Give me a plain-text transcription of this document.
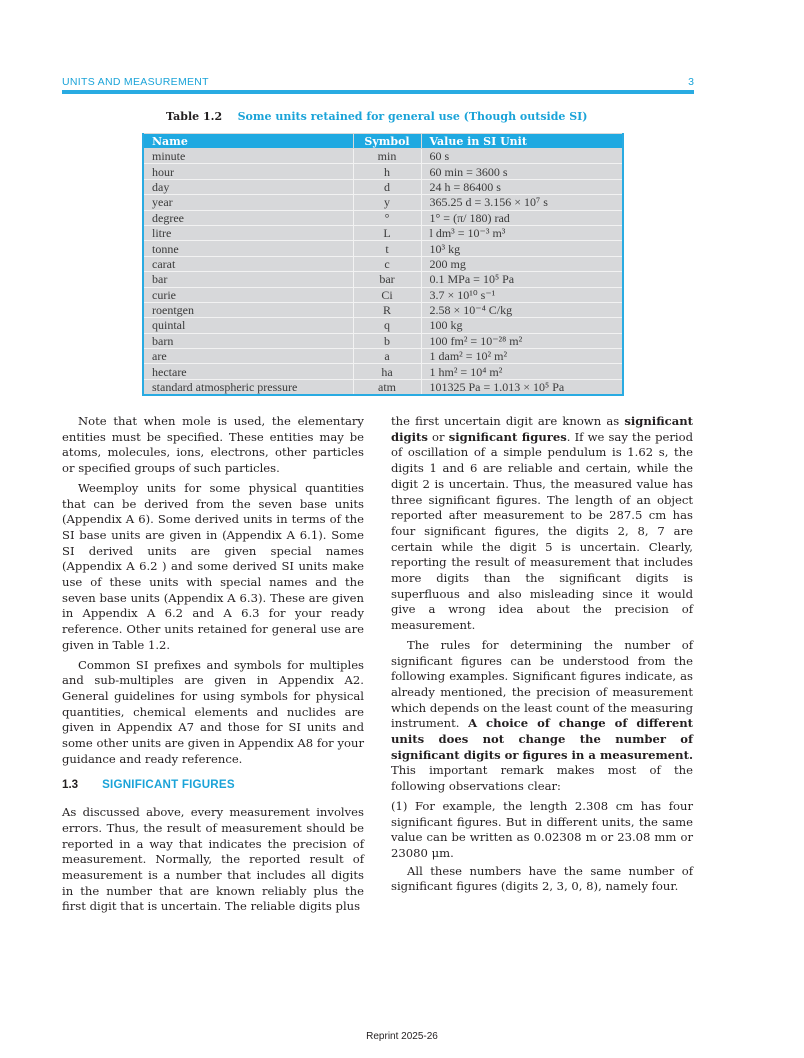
UNITS AND MEASUREMENT	3
Table 1.2 Some units retained for general use (Though outside SI)
Name	Symbol	Value in SI Unit
minute	min	60 s
hour	h	60 min = 3600 s
day	d	24 h = 86400 s
year	y	365.25 d = 3.156 × 10⁷ s
degree	°	1° = (π/ 180) rad
litre	L	l dm³ = 10⁻³ m³
tonne	t	10³ kg
carat	c	200 mg
bar	bar	0.1 MPa = 10⁵ Pa
curie	Ci	3.7 × 10¹⁰ s⁻¹
roentgen	R	2.58 × 10⁻⁴ C/kg
quintal	q	100 kg
barn	b	100 fm² = 10⁻²⁸ m²
are	a	1 dam² = 10² m²
hectare	ha	1 hm² = 10⁴ m²
standard atmospheric pressure	atm	101325 Pa = 1.013 × 10⁵ Pa

Note that when mole is used, the elementary entities must be specified. These entities may be atoms, molecules, ions, electrons, other particles or specified groups of such particles.

Weemploy units for some physical quantities that can be derived from the seven base units (Appendix A 6). Some derived units in terms of the SI base units are given in (Appendix A 6.1). Some SI derived units are given special names (Appendix A 6.2 ) and some derived SI units make use of these units with special names and the seven base units (Appendix A 6.3). These are given in Appendix A 6.2 and A 6.3 for your ready reference. Other units retained for general use are given in Table 1.2.

Common SI prefixes and symbols for multiples and sub-multiples are given in Appendix A2. General guidelines for using symbols for physical quantities, chemical elements and nuclides are given in Appendix A7 and those for SI units and some other units are given in Appendix A8 for your guidance and ready reference.

1.3 SIGNIFICANT FIGURES

As discussed above, every measurement involves errors. Thus, the result of measurement should be reported in a way that indicates the precision of measurement. Normally, the reported result of measurement is a number that includes all digits in the number that are known reliably plus the first digit that is uncertain. The reliable digits plus

the first uncertain digit are known as significant digits or significant figures. If we say the period of oscillation of a simple pendulum is 1.62 s, the digits 1 and 6 are reliable and certain, while the digit 2 is uncertain. Thus, the measured value has three significant figures. The length of an object reported after measurement to be 287.5 cm has four significant figures, the digits 2, 8, 7 are certain while the digit 5 is uncertain. Clearly, reporting the result of measurement that includes more digits than the significant digits is superfluous and also misleading since it would give a wrong idea about the precision of measurement.

The rules for determining the number of significant figures can be understood from the following examples. Significant figures indicate, as already mentioned, the precision of measurement which depends on the least count of the measuring instrument. A choice of change of different units does not change the number of significant digits or figures in a measurement. This important remark makes most of the following observations clear:

(1) For example, the length 2.308 cm has four significant figures. But in different units, the same value can be written as 0.02308 m or 23.08 mm or 23080 μm.

All these numbers have the same number of significant figures (digits 2, 3, 0, 8), namely four.

Reprint 2025-26
